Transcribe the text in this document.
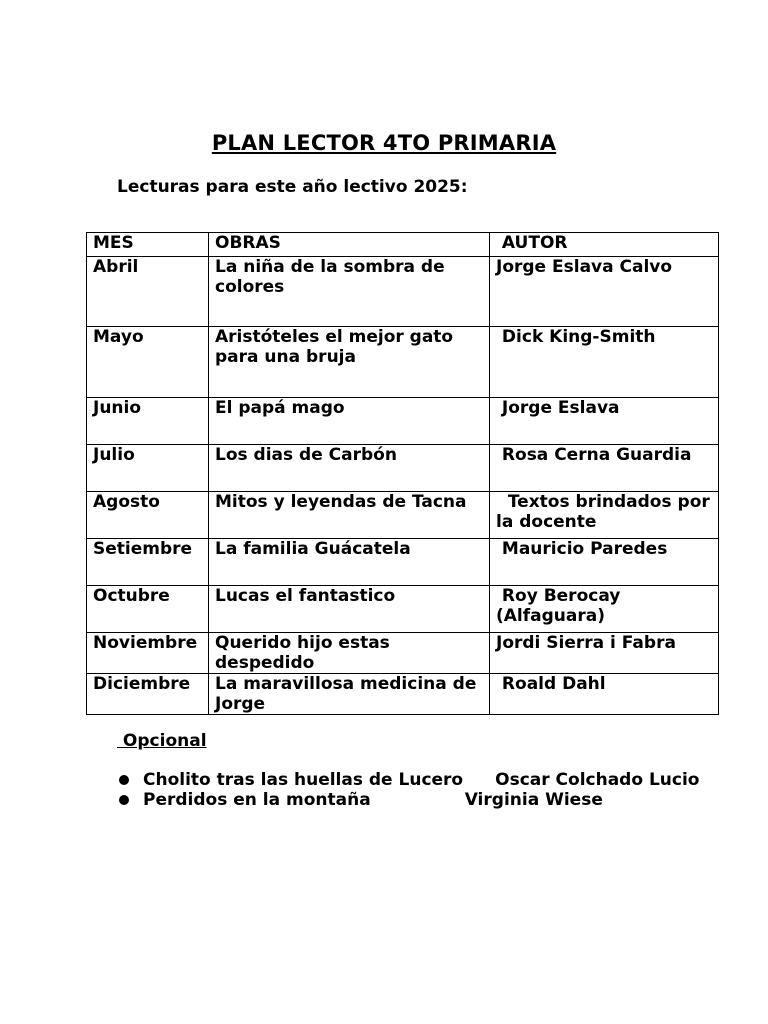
PLAN LECTOR 4TO PRIMARIA
Lecturas para este año lectivo 2025:
MES	OBRAS	AUTOR
Abril	La niña de la sombra de colores	Jorge Eslava Calvo
Mayo	Aristóteles el mejor gato para una bruja	Dick King-Smith
Junio	El papá mago	Jorge Eslava
Julio	Los dias de Carbón	Rosa Cerna Guardia
Agosto	Mitos y leyendas de Tacna	Textos brindados por la docente
Setiembre	La familia Guácatela	Mauricio Paredes
Octubre	Lucas el fantastico	Roy Berocay (Alfaguara)
Noviembre	Querido hijo estas despedido	Jordi Sierra i Fabra
Diciembre	La maravillosa medicina de Jorge	Roald Dahl
Opcional
Cholito tras las huellas de Lucero Oscar Colchado Lucio
Perdidos en la montaña	Virginia Wiese
